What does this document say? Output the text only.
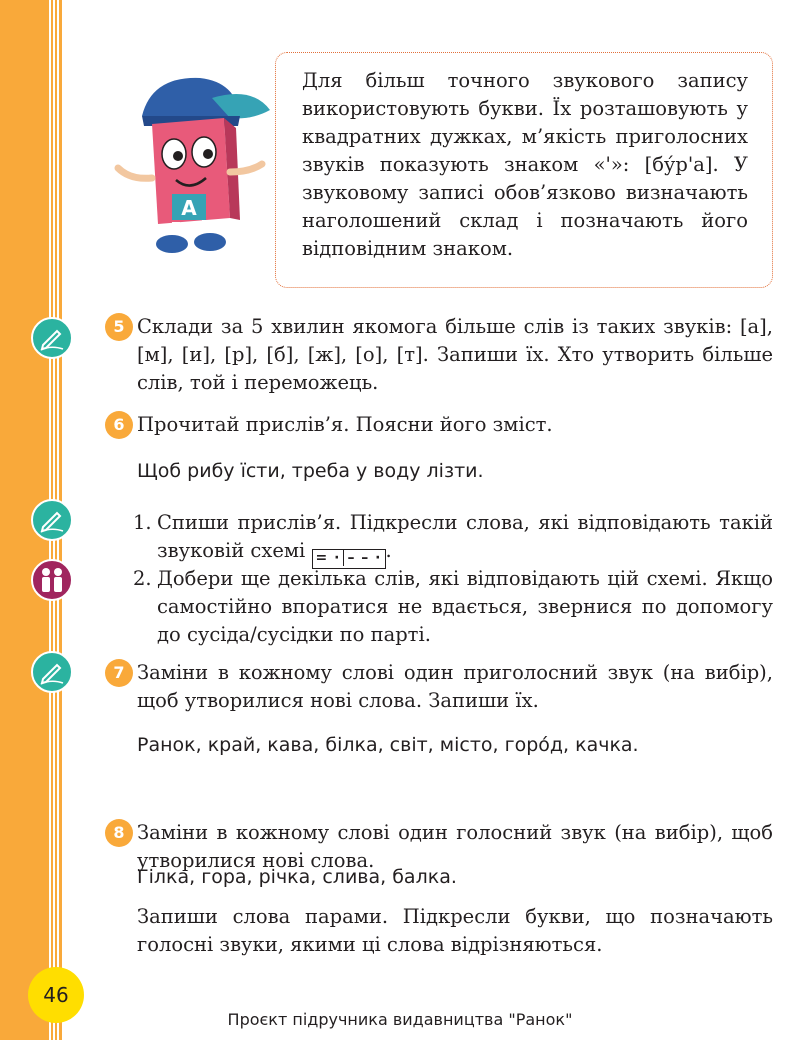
А

Для більш точного звукового запису використовують букви. Їх розташовують у квадратних дужках, м’якість приголосних звуків показують знаком «'»: [бу́р'а]. У звуковому записі обов’язково визначають наголошений склад і позначають його відповідним знаком.

5 Склади за 5 хвилин якомога більше слів із таких звуків: [а], [м], [и], [р], [б], [ж], [о], [т]. Запиши їх. Хто утворить більше слів, той і переможець.

6 Прочитай прислів’я. Поясни його зміст.

Щоб рибу їсти, треба у воду лізти.

1. Спиши прислів’я. Підкресли слова, які відповідають такій звуковій схемі = · – – · .
2. Добери ще декілька слів, які відповідають цій схемі. Якщо самостійно впоратися не вдається, звернися по допомогу до сусіда/сусідки по парті.

7 Заміни в кожному слові один приголосний звук (на вибір), щоб утворилися нові слова. Запиши їх.

Ранок, край, кава, білка, світ, місто, горо́д, качка.

8 Заміни в кожному слові один голосний звук (на вибір), щоб утворилися нові слова.

Гілка, гора, річка, слива, балка.

Запиши слова парами. Підкресли букви, що позначають голосні звуки, якими ці слова відрізняються.

46
Проєкт підручника видавництва "Ранок"
